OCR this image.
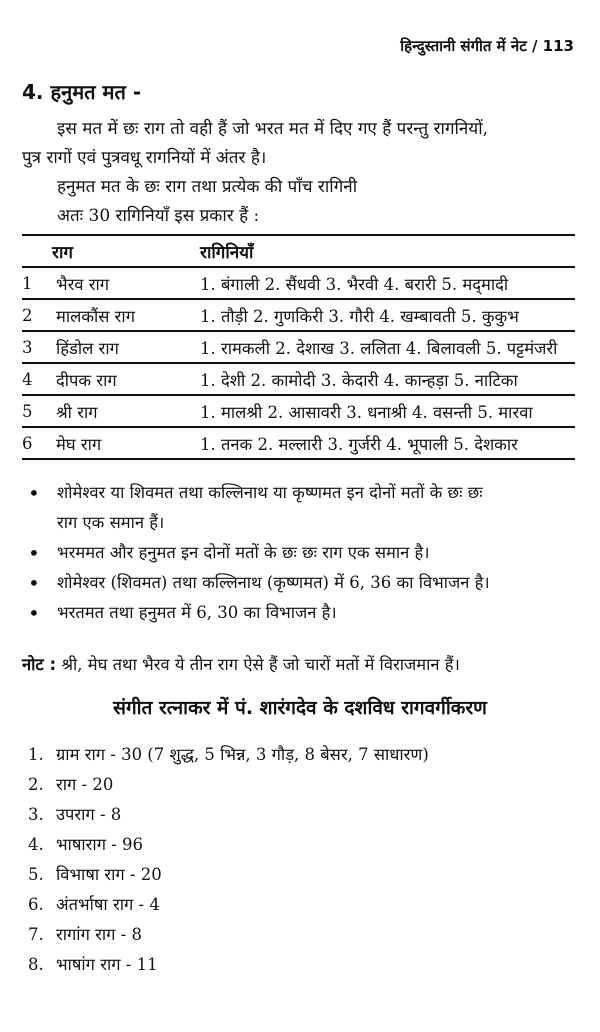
हिन्दुस्तानी संगीत में नेट / 113
4. हनुमत मत -
इस मत में छः राग तो वही हैं जो भरत मत में दिए गए हैं परन्तु रागनियों,
पुत्र रागों एवं पुत्रवधू रागनियों में अंतर है।
हनुमत मत के छः राग तथा प्रत्येक की पाँच रागिनी
अतः 30 रागिनियाँ इस प्रकार हैं :
राग		रागिनियाँ
1	भैरव राग	1. बंगाली 2. सैंधवी 3. भैरवी 4. बरारी 5. मद्‌मादी
2	मालकौंस राग	1. तौड़ी 2. गुणकिरी 3. गौरी 4. खम्बावती 5. कुकुभ
3	हिंडोल राग	1. रामकली 2. देशाख 3. ललिता 4. बिलावली 5. पट्टमंजरी
4	दीपक राग	1. देशी 2. कामोदी 3. केदारी 4. कान्हड़ा 5. नाटिका
5	श्री राग	1. मालश्री 2. आसावरी 3. धनाश्री 4. वसन्ती 5. मारवा
6	मेघ राग	1. तनक 2. मल्लारी 3. गुर्जरी 4. भूपाली 5. देशकार
• शोमेश्वर या शिवमत तथा कल्लिनाथ या कृष्णमत इन दोनों मतों के छः छः
राग एक समान हैं।
• भरममत और हनुमत इन दोनों मतों के छः छः राग एक समान है।
• शोमेश्वर (शिवमत) तथा कल्लिनाथ (कृष्णमत) में 6, 36 का विभाजन है।
• भरतमत तथा हनुमत में 6, 30 का विभाजन है।
नोट : श्री, मेघ तथा भैरव ये तीन राग ऐसे हैं जो चारों मतों में विराजमान हैं।
संगीत रत्नाकर में पं. शारंगदेव के दशविध रागवर्गीकरण
1. ग्राम राग - 30 (7 शुद्ध, 5 भिन्न, 3 गौड़, 8 बेसर, 7 साधारण)
2. राग - 20
3. उपराग - 8
4. भाषाराग - 96
5. विभाषा राग - 20
6. अंतर्भाषा राग - 4
7. रागांग राग - 8
8. भाषांग राग - 11
